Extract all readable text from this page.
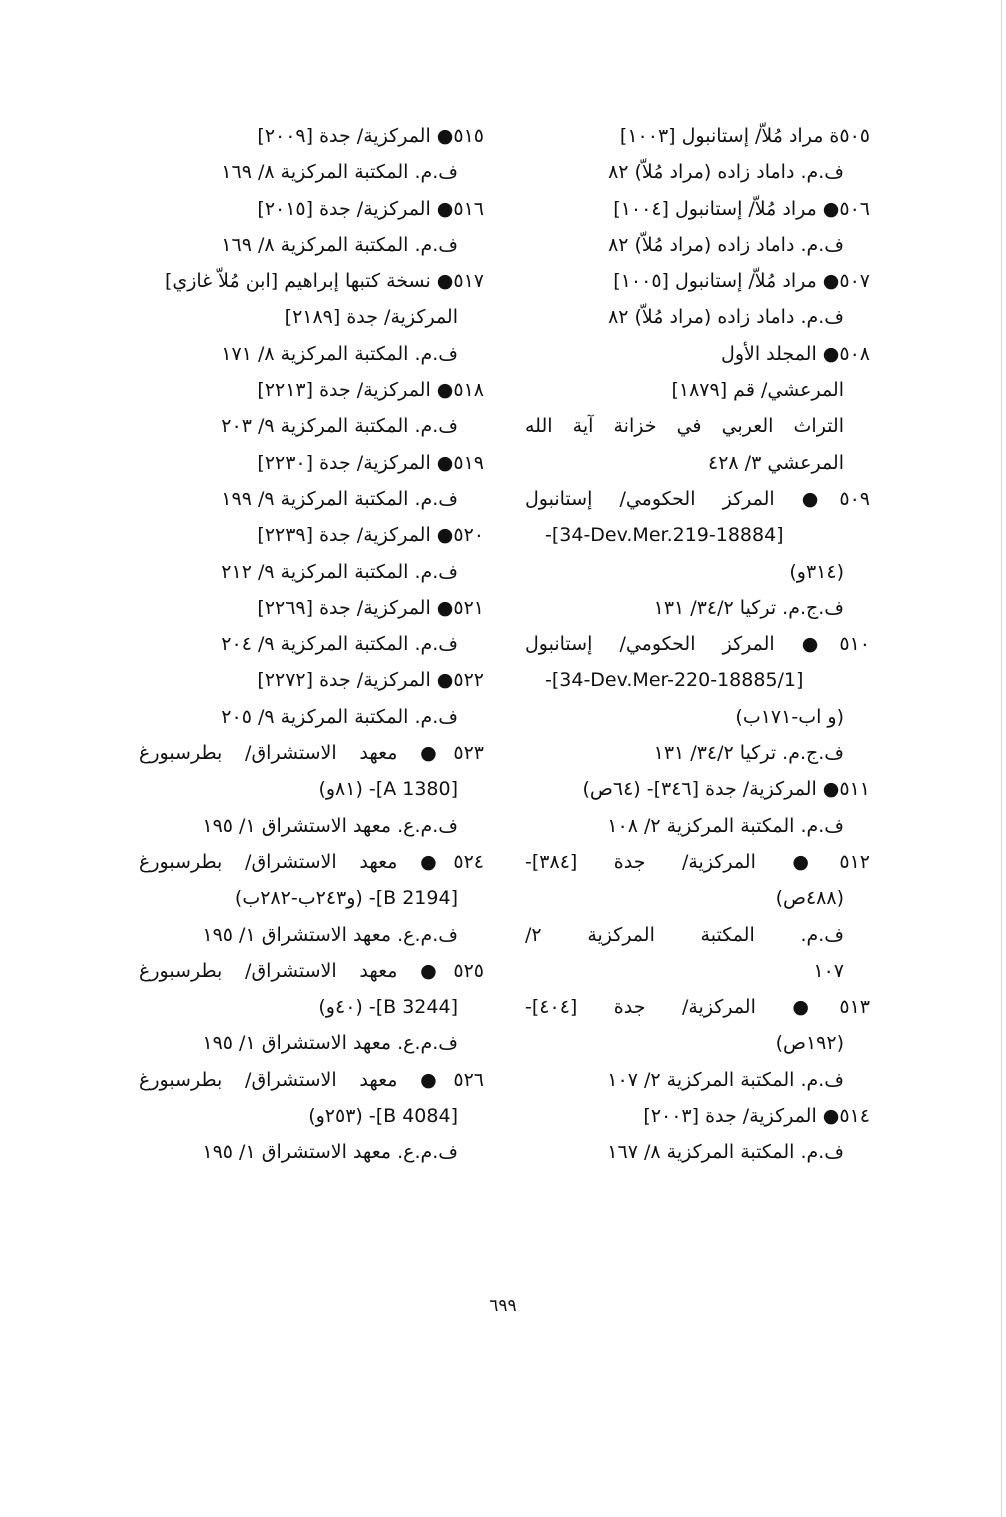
٥٠٥ة مراد مُلاّ/ إستانبول [١٠٠٣]
ف.م. داماد زاده (مراد مُلاّ) ٨٢
٥٠٦● مراد مُلاّ/ إستانبول [١٠٠٤]
ف.م. داماد زاده (مراد مُلاّ) ٨٢
٥٠٧● مراد مُلاّ/ إستانبول [١٠٠٥]
ف.م. داماد زاده (مراد مُلاّ) ٨٢
٥٠٨● المجلد الأول
المرعشي/ قم [١٨٧٩]
التراث العربي في خزانة آية الله
المرعشي ٣/ ٤٢٨
٥٠٩● المركز الحكومي/ إستانبول
-[34-Dev.Mer.219-18884]
(٣١٤و)
ف.ج.م. تركيا ٣٤/٢/ ١٣١
٥١٠● المركز الحكومي/ إستانبول
-[34-Dev.Mer-220-18885/1]
(و اب-١٧١ب)
ف.ج.م. تركيا ٣٤/٢/ ١٣١
٥١١● المركزية/ جدة [٣٤٦]- (٦٤ص)
ف.م. المكتبة المركزية ٢/ ١٠٨
٥١٢● المركزية/ جدة [٣٨٤]-
(٤٨٨ص)
ف.م. المكتبة المركزية ٢/
١٠٧
٥١٣● المركزية/ جدة [٤٠٤]-
(١٩٢ص)
ف.م. المكتبة المركزية ٢/ ١٠٧
٥١٤● المركزية/ جدة [٢٠٠٣]
ف.م. المكتبة المركزية ٨/ ١٦٧
٥١٥● المركزية/ جدة [٢٠٠٩]
ف.م. المكتبة المركزية ٨/ ١٦٩
٥١٦● المركزية/ جدة [٢٠١٥]
ف.م. المكتبة المركزية ٨/ ١٦٩
٥١٧● نسخة كتبها إبراهيم [ابن مُلاّ غازي]
المركزية/ جدة [٢١٨٩]
ف.م. المكتبة المركزية ٨/ ١٧١
٥١٨● المركزية/ جدة [٢٢١٣]
ف.م. المكتبة المركزية ٩/ ٢٠٣
٥١٩● المركزية/ جدة [٢٢٣٠]
ف.م. المكتبة المركزية ٩/ ١٩٩
٥٢٠● المركزية/ جدة [٢٢٣٩]
ف.م. المكتبة المركزية ٩/ ٢١٢
٥٢١● المركزية/ جدة [٢٢٦٩]
ف.م. المكتبة المركزية ٩/ ٢٠٤
٥٢٢● المركزية/ جدة [٢٢٧٢]
ف.م. المكتبة المركزية ٩/ ٢٠٥
٥٢٣● معهد الاستشراق/ بطرسبورغ
[A 1380]- (٨١و)
ف.م.ع. معهد الاستشراق ١/ ١٩٥
٥٢٤● معهد الاستشراق/ بطرسبورغ
[B 2194]- (و٢٤٣ب-٢٨٢ب)
ف.م.ع. معهد الاستشراق ١/ ١٩٥
٥٢٥● معهد الاستشراق/ بطرسبورغ
[B 3244]- (٤٠و)
ف.م.ع. معهد الاستشراق ١/ ١٩٥
٥٢٦● معهد الاستشراق/ بطرسبورغ
[B 4084]- (٢٥٣و)
ف.م.ع. معهد الاستشراق ١/ ١٩٥
٦٩٩
